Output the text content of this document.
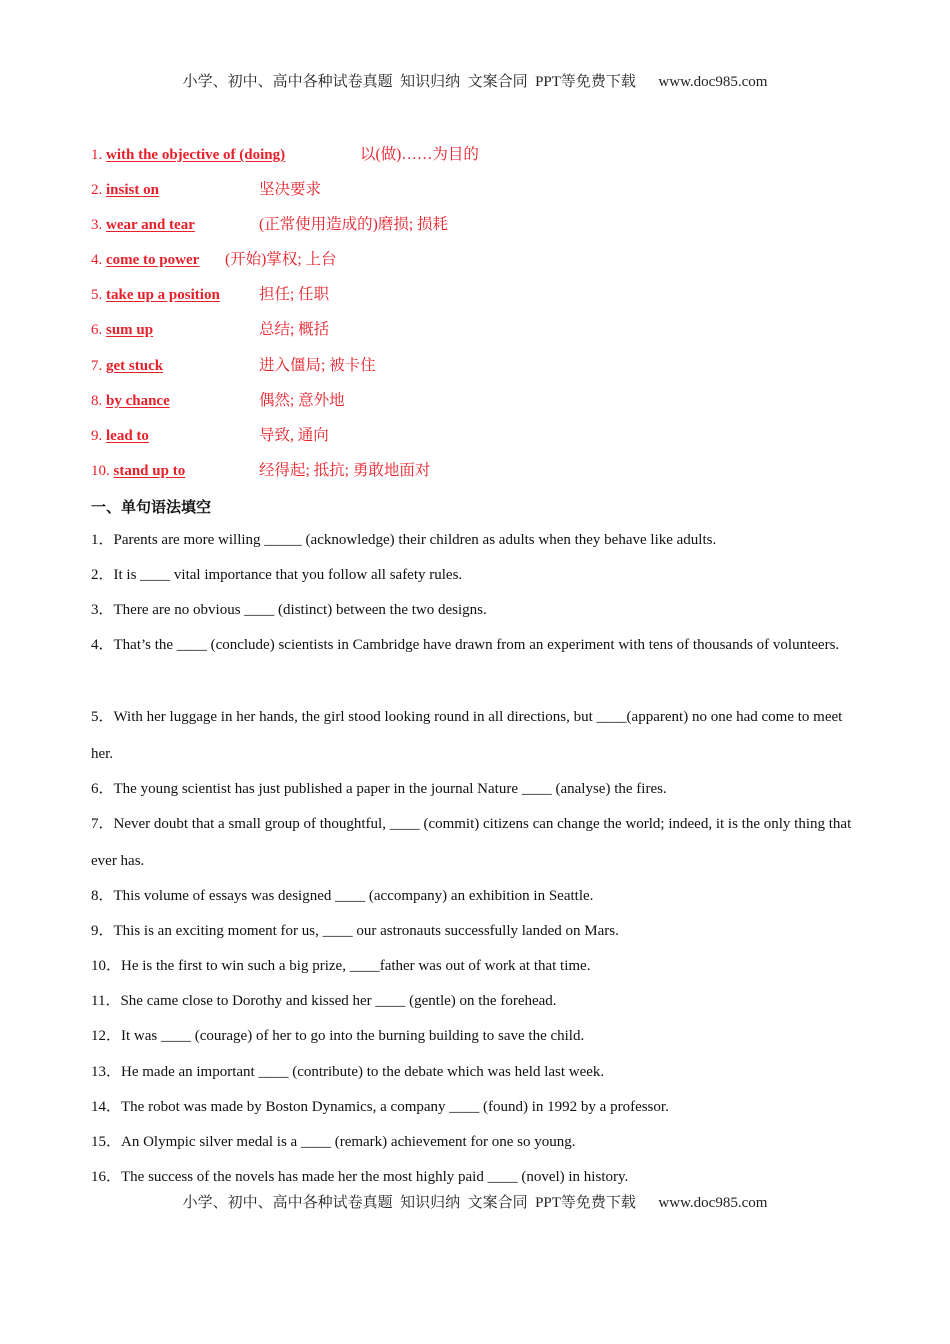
小学、初中、高中各种试卷真题  知识归纳  文案合同  PPT等免费下载      www.doc985.com
1. with the objective of (doing)	以(做)……为目的
2. insist on	坚决要求
3. wear and tear	(正常使用造成的)磨损; 损耗
4. come to power (开始)掌权; 上台
5. take up a position	担任; 任职
6. sum up	总结; 概括
7. get stuck	进入僵局; 被卡住
8. by chance	偶然; 意外地
9. lead to	导致, 通向
10. stand up to	经得起; 抵抗; 勇敢地面对
一、单句语法填空
1．Parents are more willing _____ (acknowledge) their children as adults when they behave like adults.
2．It is ____ vital importance that you follow all safety rules.
3．There are no obvious ____ (distinct) between the two designs.
4．That’s the ____ (conclude) scientists in Cambridge have drawn from an experiment with tens of thousands of volunteers.
5．With her luggage in her hands, the girl stood looking round in all directions, but ____(apparent) no one had come to meet her.
6．The young scientist has just published a paper in the journal Nature ____ (analyse) the fires.
7．Never doubt that a small group of thoughtful, ____ (commit) citizens can change the world; indeed, it is the only thing that ever has.
8．This volume of essays was designed ____ (accompany) an exhibition in Seattle.
9．This is an exciting moment for us, ____ our astronauts successfully landed on Mars.
10．He is the first to win such a big prize, ____father was out of work at that time.
11．She came close to Dorothy and kissed her ____ (gentle) on the forehead.
12．It was ____ (courage) of her to go into the burning building to save the child.
13．He made an important ____ (contribute) to the debate which was held last week.
14．The robot was made by Boston Dynamics, a company ____ (found) in 1992 by a professor.
15．An Olympic silver medal is a ____ (remark) achievement for one so young.
16．The success of the novels has made her the most highly paid ____ (novel) in history.
小学、初中、高中各种试卷真题  知识归纳  文案合同  PPT等免费下载      www.doc985.com
